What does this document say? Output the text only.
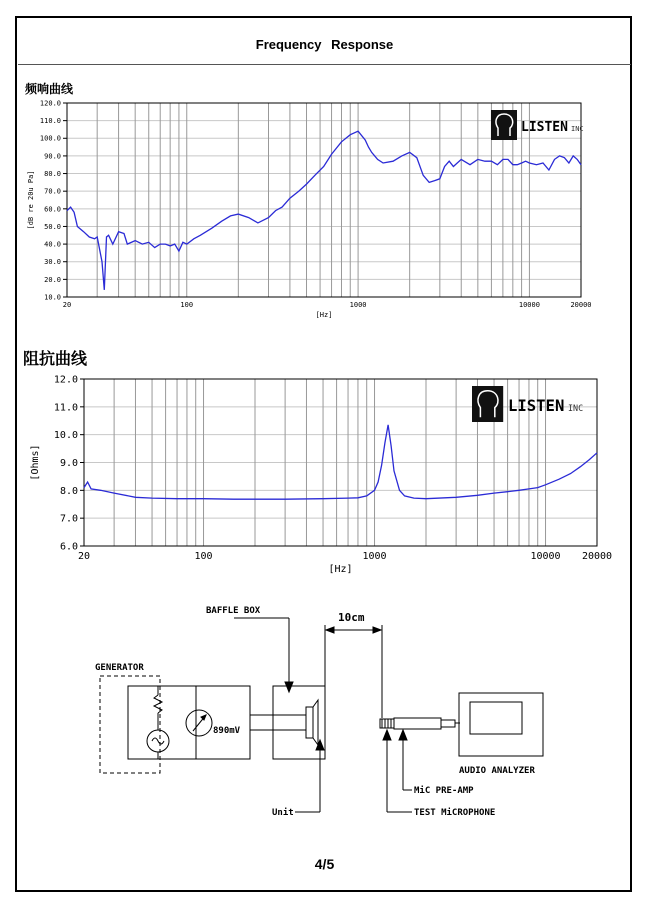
Frequency Response
频响曲线
阻抗曲线
10.0
20.0
30.0
40.0
50.0
60.0
70.0
80.0
90.0
100.0
110.0
120.0
20	100	1000	10000	20000
[Hz]
[dB re 20u Pa]
LISTEN INC
6.0
7.0
8.0
9.0
10.0
11.0
12.0
20	100	1000	10000 20000
[Hz]
[Ohms]
LISTEN INC
GENERATOR
BAFFLE BOX	10cm
890mV
Unit
AUDIO ANALYZER
MiC PRE-AMP
TEST MiCROPHONE
4/5
